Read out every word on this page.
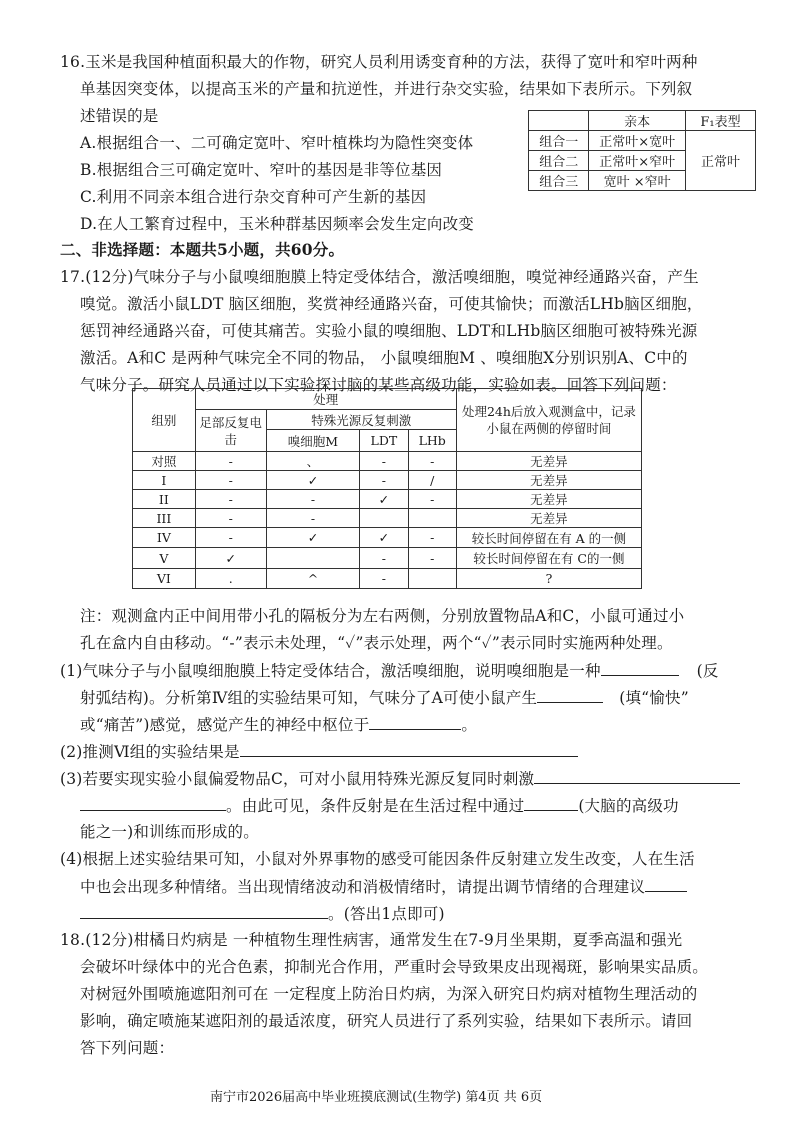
16.玉米是我国种植面积最大的作物，研究人员利用诱变育种的方法，获得了宽叶和窄叶两种
单基因突变体，以提高玉米的产量和抗逆性，并进行杂交实验，结果如下表所示。下列叙
述错误的是
A.根据组合一、二可确定宽叶、窄叶植株均为隐性突变体
B.根据组合三可确定宽叶、窄叶的基因是非等位基因
C.利用不同亲本组合进行杂交育种可产生新的基因
D.在人工繁育过程中，玉米种群基因频率会发生定向改变
	亲本	F₁表型
组合一	正常叶×宽叶	正常叶
组合二	正常叶×窄叶	
组合三	宽叶 ×窄叶	
二、非选择题：本题共5小题，共60分。
17.(12分)气味分子与小鼠嗅细胞膜上特定受体结合，激活嗅细胞，嗅觉神经通路兴奋，产生
嗅觉。激活小鼠LDT 脑区细胞，奖赏神经通路兴奋，可使其愉快；而激活LHb脑区细胞，
惩罚神经通路兴奋，可使其痛苦。实验小鼠的嗅细胞、LDT和LHb脑区细胞可被特殊光源
激活。A和C 是两种气味完全不同的物品， 小鼠嗅细胞M 、嗅细胞X分别识别A、C中的
气味分子。研究人员通过以下实验探讨脑的某些高级功能，实验如表。回答下列问题：
组别	处理				处理24h后放入观测盒中，记录小鼠在两侧的停留时间
	足部反复电击	特殊光源反复刺激			
		嗅细胞M	LDT	LHb	
对照	-	、	-	-	无差异
I	-	✓	-	/	无差异
II	-	-	✓	-	无差异
III	-	-			无差异
IV	-	✓	✓	-	较长时间停留在有 A 的一侧
V	✓		-	-	较长时间停留在有 C的一侧
VI	.	^	-		?
注：观测盒内正中间用带小孔的隔板分为左右两侧，分别放置物品A和C，小鼠可通过小
孔在盒内自由移动。“-”表示未处理，“✓”表示处理，两个“✓”表示同时实施两种处理。
(1)气味分子与小鼠嗅细胞膜上特定受体结合，激活嗅细胞，说明嗅细胞是一种	(反
射弧结构)。分析第Ⅳ组的实验结果可知，气味分了A可使小鼠产生	(填“愉快”
或“痛苦”)感觉，感觉产生的神经中枢位于	。
(2)推测Ⅵ组的实验结果是
(3)若要实现实验小鼠偏爱物品C，可对小鼠用特殊光源反复同时刺激
。由此可见，条件反射是在生活过程中通过	(大脑的高级功
能之一)和训练而形成的。
(4)根据上述实验结果可知，小鼠对外界事物的感受可能因条件反射建立发生改变，人在生活
中也会出现多种情绪。当出现情绪波动和消极情绪时，请提出调节情绪的合理建议
。(答出1点即可)
18.(12分)柑橘日灼病是 一种植物生理性病害，通常发生在7-9月坐果期，夏季高温和强光
会破坏叶绿体中的光合色素，抑制光合作用，严重时会导致果皮出现褐斑，影响果实品质。
对树冠外围喷施遮阳剂可在 一定程度上防治日灼病，为深入研究日灼病对植物生理活动的
影响，确定喷施某遮阳剂的最适浓度，研究人员进行了系列实验，结果如下表所示。请回
答下列问题：
南宁市2026届高中毕业班摸底测试(生物学) 第4页 共 6页
